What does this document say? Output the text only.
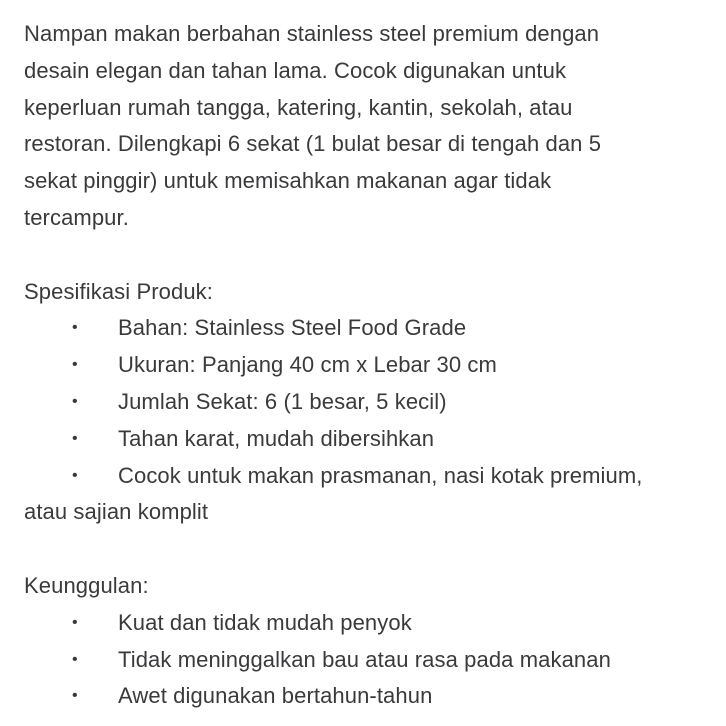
Nampan makan berbahan stainless steel premium dengan

desain elegan dan tahan lama. Cocok digunakan untuk

keperluan rumah tangga, katering, kantin, sekolah, atau

restoran. Dilengkapi 6 sekat (1 bulat besar di tengah dan 5

sekat pinggir) untuk memisahkan makanan agar tidak

tercampur.

Spesifikasi Produk:

•	Bahan: Stainless Steel Food Grade
•	Ukuran: Panjang 40 cm x Lebar 30 cm
•	Jumlah Sekat: 6 (1 besar, 5 kecil)
•	Tahan karat, mudah dibersihkan
•	Cocok untuk makan prasmanan, nasi kotak premium,
atau sajian komplit

Keunggulan:

•	Kuat dan tidak mudah penyok
•	Tidak meninggalkan bau atau rasa pada makanan
•	Awet digunakan bertahun-tahun
